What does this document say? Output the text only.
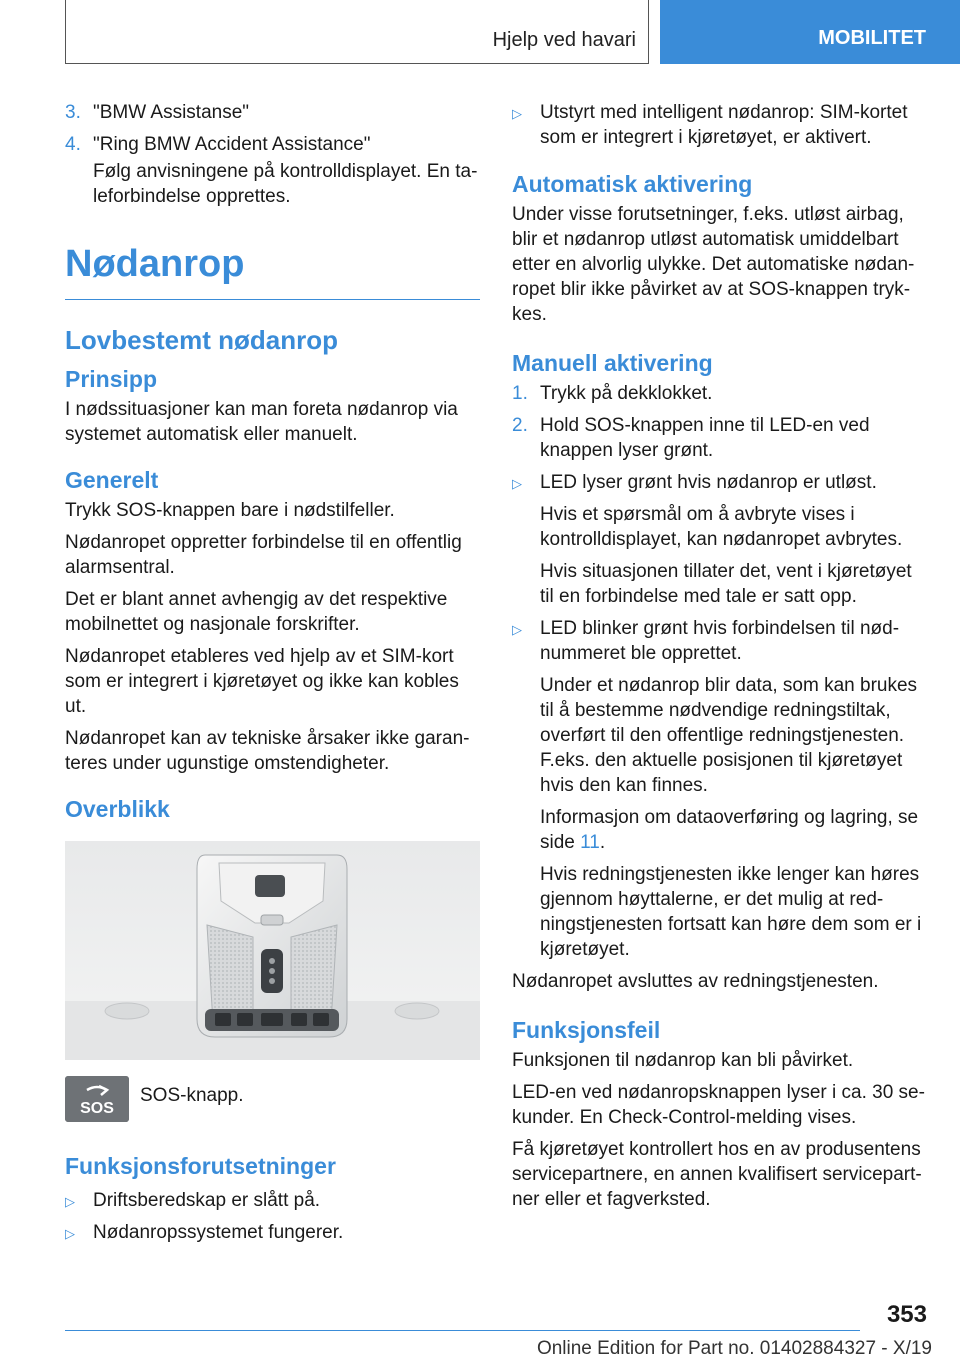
Hjelp ved havari	MOBILITET
3. "BMW Assistanse"
4. "Ring BMW Accident Assistance"
Følg anvisningene på kontrolldisplayet. En taleforbindelse opprettes.
Nødanrop
Lovbestemt nødanrop
Prinsipp

I nødssituasjoner kan man foreta nødanrop via systemet automatisk eller manuelt.

Generelt

Trykk SOS-knappen bare i nødstilfeller.

Nødanropet oppretter forbindelse til en offentlig alarmsentral.

Det er blant annet avhengig av det respektive mobilnettet og nasjonale forskrifter.

Nødanropet etableres ved hjelp av et SIM-kort som er integrert i kjøretøyet og ikke kan kobles ut.

Nødanropet kan av tekniske årsaker ikke garanteres under ugunstige omstendigheter.

Overblikk
SOS
SOS-knapp.
Funksjonsforutsetninger
▷ Driftsberedskap er slått på.
▷ Nødanropssystemet fungerer.
▷ Utstyrt med intelligent nødanrop: SIM-kortet som er integrert i kjøretøyet, er aktivert.
Automatisk aktivering

Under visse forutsetninger, f.eks. utløst airbag, blir et nødanrop utløst automatisk umiddelbart etter en alvorlig ulykke. Det automatiske nødanropet blir ikke påvirket av at SOS-knappen trykkes.

Manuell aktivering
1. Trykk på dekklokket.
2. Hold SOS-knappen inne til LED-en ved knappen lyser grønt.
▷ LED lyser grønt hvis nødanrop er utløst.
Hvis et spørsmål om å avbryte vises i kontrolldisplayet, kan nødanropet avbrytes.
Hvis situasjonen tillater det, vent i kjøretøyet til en forbindelse med tale er satt opp.
▷ LED blinker grønt hvis forbindelsen til nødnummeret ble opprettet.
Under et nødanrop blir data, som kan brukes til å bestemme nødvendige redningstiltak, overført til den offentlige redningstjenesten. F.eks. den aktuelle posisjonen til kjøretøyet hvis den kan finnes.
Informasjon om dataoverføring og lagring, se side 11.
Hvis redningstjenesten ikke lenger kan høres gjennom høyttalerne, er det mulig at redningstjenesten fortsatt kan høre dem som er i kjøretøyet.

Nødanropet avsluttes av redningstjenesten.

Funksjonsfeil

Funksjonen til nødanrop kan bli påvirket.

LED-en ved nødanropsknappen lyser i ca. 30 sekunder. En Check-Control-melding vises.

Få kjøretøyet kontrollert hos en av produsentens servicepartnere, en annen kvalifisert servicepartner eller et fagverksted.

353
Online Edition for Part no. 01402884327 - X/19
